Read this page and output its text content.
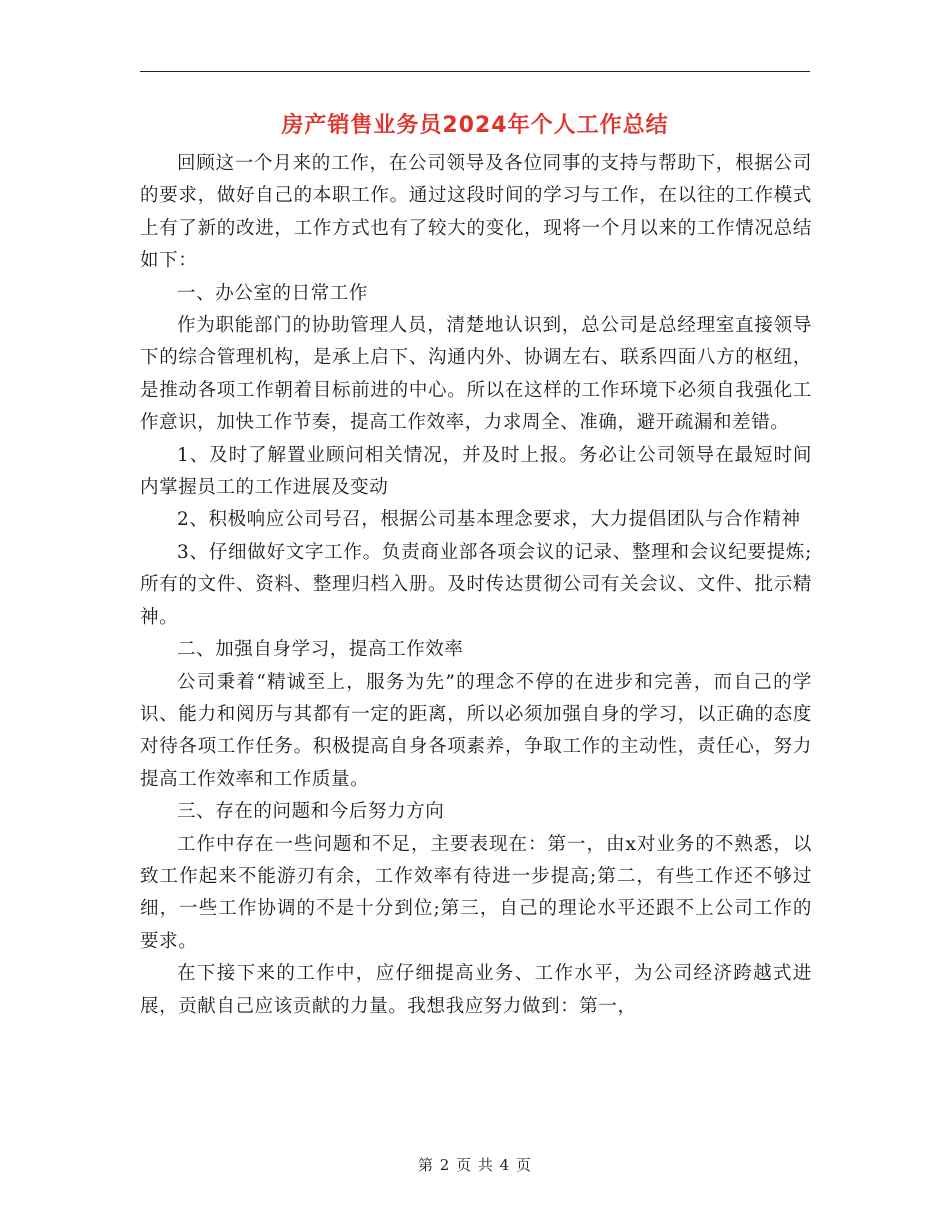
房产销售业务员2024年个人工作总结

回顾这一个月来的工作，在公司领导及各位同事的支持与帮助下，根据公司的要求，做好自己的本职工作。通过这段时间的学习与工作，在以往的工作模式上有了新的改进，工作方式也有了较大的变化，现将一个月以来的工作情况总结如下：

一、办公室的日常工作

作为职能部门的协助管理人员，清楚地认识到，总公司是总经理室直接领导下的综合管理机构，是承上启下、沟通内外、协调左右、联系四面八方的枢纽，是推动各项工作朝着目标前进的中心。所以在这样的工作环境下必须自我强化工作意识，加快工作节奏，提高工作效率，力求周全、准确，避开疏漏和差错。

1、及时了解置业顾问相关情况，并及时上报。务必让公司领导在最短时间内掌握员工的工作进展及变动

2、积极响应公司号召，根据公司基本理念要求，大力提倡团队与合作精神

3、仔细做好文字工作。负责商业部各项会议的记录、整理和会议纪要提炼;所有的文件、资料、整理归档入册。及时传达贯彻公司有关会议、文件、批示精神。

二、加强自身学习，提高工作效率

公司秉着“精诚至上，服务为先”的理念不停的在进步和完善，而自己的学识、能力和阅历与其都有一定的距离，所以必须加强自身的学习，以正确的态度对待各项工作任务。积极提高自身各项素养，争取工作的主动性，责任心，努力提高工作效率和工作质量。

三、存在的问题和今后努力方向

工作中存在一些问题和不足，主要表现在：第一，由x对业务的不熟悉，以致工作起来不能游刃有余，工作效率有待进一步提高;第二，有些工作还不够过细，一些工作协调的不是十分到位;第三，自己的理论水平还跟不上公司工作的要求。

在下接下来的工作中，应仔细提高业务、工作水平，为公司经济跨越式进展，贡献自己应该贡献的力量。我想我应努力做到：第一，

第 2 页 共 4 页
